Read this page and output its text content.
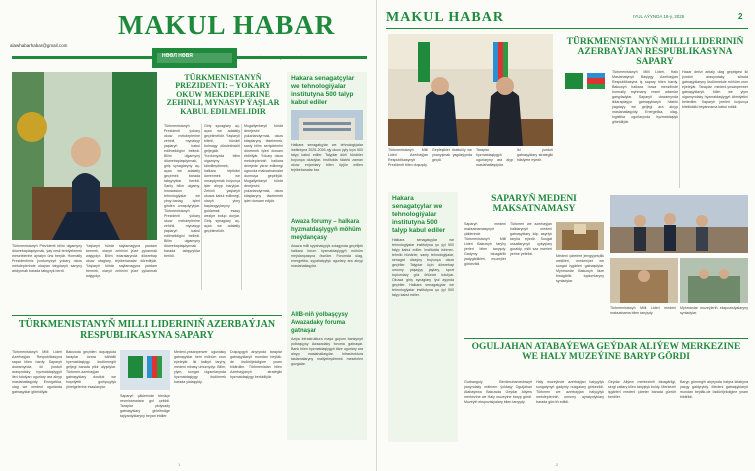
MAKUL HABAR
alawhabarhabar@gmail.com
НӨӨЛ НӨВЯ	IYUL AÝYNDA 18-y, 2025 WEÝB
TÜRKMENISTANYŇ PREZIDENTI: – YOKARY OKUW MEKDEPLERINE ZEHINLI, MYNASYP ÝAŞLAR KABUL EDILMELIDIR
Türkmenistanyň Prezidenti ýokary okuw mekdeplerine zehinli, mynasyp ýaşlaryň kabul edilmelidigini belledi. Bilim ulgamyny döwrebaplaşdyrmak, giriş synaglaryny aç-açan we adalatly geçirmek barada tabşyryklar berildi. Sanly bilim ulgamy, innowasion tehnologiýalar we ylmy-barlag işleri giňden ornaşdyrylýar. Türkmenistanyň Prezidenti ýokary okuw mekdeplerine zehinli, mynasyp ýaşlaryň kabul edilmelidigini belledi. Bilim ulgamyny döwrebaplaşdyrmak barada tabşyryklar berildi.
Giriş synaglary aç-açan we adalatly geçirilmelidir. Ýaşlaryň bilimli, hünärli bolmagy döwletimiziň geljegidir. Ýurdumyzda bilim ulgamyny kämilleşdirmek, halkara tejribäni öwrenmek we ornaşdyrmak boýunça işler alnyp barylýar. Zehinli ýaşlaryň okuwa kabul edilmegi, olaryň ylmy başlangyçlaryny goldamak esasy wezipe bolup durýar. Giriş synaglary aç-açan we adalatly geçirilmelidir.
Mugallymlaryň hünär derejesini ýokarlandyrmak, okuw kitaplaryny täzelemek, sanly bilim serişdelerini döretmek işleri dowam etdirilýär. Ýokary okuw mekdepleriniň halkara derejede ykrar edilmegi ugrunda maksatnamalar durmuşa geçirilýär. Mugallymlaryň hünär derejesini ýokarlandyrmak, okuw kitaplaryny täzelemek işleri dowam edýär.
Türkmenistanyň Prezidenti bilim ulgamyny döwrebaplaşdyrmak, ýaş nesli terbiýelemek meselelerine aýratyn üns berýär. Hormatly Prezidentimiz ýurdumyzyň ýokary okuw mekdeplerinde okaýan talyplaryň sanyny artdyrmak barada tabşyryk berdi.
Ýaşlaryň hünär saýlamagyna ýardam bermek, olaryň zehinini ýüze çykarmak wajypdyr. Bilim edaralarynda döwrebap okuw otaglary, tejribehanalar döredilýär. Ýaşlaryň hünär saýlamagyna ýardam bermek, olaryň zehinini ýüze çykarmak wajypdyr.
Hakara senagatçylar we tehnologiýalar institutyna 500 talyp kabul ediler
Halkara senagatçylar we tehnologiýalar institutyna 2025-2026-njy okuw ýyly üçin 500 talyp kabul ediler. Talyplar dürli hünärler boýunça okadylar. Institutda häzirki zaman okuw enjamlary bilen üpjün edilen tejribehanalar bar.
Awaza forumy – halkara hyzmatdaşlygyň möhüm meýdançasy
Awaza milli syýahatçylyk zolagynda geçiriljek halkara forum hyzmatdaşlygyň möhüm meýdançasyna öwrüler. Forumda ulag, energetika, syýahatçylyk ugurlary ara alnyp maslahatlaşylar.
AIIB-niň ýolbaşçysy Awazadaky foruma gatnaşar
Aziýa infrastruktura maýa goýum bankynyň ýolbaşçysy Awazadaky foruma gatnaşar. Bank bilen hyzmatdaşlygyň täze ugurlary ara alnyp maslahatlaşylar. Infrastruktura taslamalaryny maliýeleşdirmek meseleleri gozgalar.
TÜRKMENISTANYŇ MILLI LIDERINIŇ AZERBAÝJAN RESPUBLIKASYNA SAPARY
Türkmenistanyň Milli Lideri Azerbaýjan Respublikasyna sapar bilen bardy. Saparyň dowamynda iki ýurduň arasyndaky hyzmatdaşlygyň ileri tutulýan ugurlary ara alnyp maslahatlaşyldy. Energetika, ulag we medeni ugurlarda gatnaşyklar giňeldilýär.
Bakuwda geçirilen duşuşykda taraplar özara bähbitli hyzmatdaşlygy ösdürmegiň geljegi barada pikir alyşdylar. Türkmen-azerbaýjan gatnaşyklary dostluk we hoşniýetli goňşuçylyk ýörelgelerine esaslanýar.
Saparyň çäklerinde birnäçe resminamalara gol çekildi. Taraplar ykdysady gatnaşyklary giňeltmäge taýýardyklaryny beýan etdiler.
Medeni-ynsanperwer ugurdaky gatnaşyklar hem möhüm orun eýeleýär. Iki halkyň taryhy, medeni mirasy umumydyr. Bilim, ylym, sungat ulgamlarynda hyzmatdaşlygy ösdürmek barada ylalaşyldy.
Duşuşygyň ahyrynda taraplar gatnaşyklaryň mundan beýläk-de ösdüriljekdigine ynam bildirdiler. Türkmenistan bilen Azerbaýjanyň strategiki hyzmatdaşlygy berkidilýär.
1
MAKUL HABAR	IYUL AÝYNDA 18-y, 2025	2
Türkmenistanyň Milli Lideri Azerbaýjan Respublikasynyň Prezidenti bilen duşuşdy.
Gepleşikler dostlukly we ynanyşmak ýagdaýynda geçdi.
Taraplar hyzmatdaşlygyň ugurlaryny ara alyp maslahatlaşdylar.
Iki ýurduň gatnaşyklary strategiki häsiýete eýedir.
TÜRKMENISTANYŇ MILLI LIDERINIŇ AZERBAÝJAN RESPUBLIKASYNA SAPARY
Türkmenistanyň Milli Lideri, Halk Maslahatynyň Başlygy Azerbaýjan Respublikasyna iş sapary bilen bardy. Bakuwyň halkara howa menzilinde hormatly myhmany resmi adamlar garşyladylar. Saparyň dowamynda ikitaraplaýyn gatnaşyklaryň häzirki ýagdaýy we geljegi ara alnyp maslahatlaşyldy. Energetika, ulag-logistika ugurlarynda hyzmatdaşlyk giňeldilýär.
Hazar deňzi arkaly ulag geçelgesi iki ýurduň arasyndaky söwda gatnaşyklaryny ösdürmekde möhüm orun eýeleýär. Taraplar medeni-ynsanperwer gatnaşyklaryň, bilim we ylym ulgamyndaky hyzmatdaşlygyň ähmiýetini bellediler. Saparyň jemleri boýunça bilelikdäki beýannama kabul edildi.
Hakara senagatçylar we tehnologiýalar institutyna 500 talyp kabul ediler
Halkara senagatçylar we tehnologiýalar institutyna şu ýyl 500 talyp kabul ediler. Institutda inžener-tehniki hünärler, sanly tehnologiýalar, senagat dizaýny boýunça okuw geçiriler. Talyplar üçin döwrebap umumy ýaşaýyş jaýlary, sport toplumlary göz öňünde tutulýar. Okuwa giriş synaglary iýul aýynda geçiriler. Halkara senagatçylar we tehnologiýalar institutyna şu ýyl 500 talyp kabul ediler.
SAPARYŇ MEDENI MAKSATNAMASY
Saparyň medeni maksatnamasynyň çäklerinde Türkmenistanyň Milli Lideri Bakuwyň taryhy ýerleri bilen tanyşdy. Gadymy binagärlik ýadygärlikleri, muzeýler görkezildi.
Türkmen we azerbaýjan halklarynyň medeni gatnaşyklary köp asyrlyk taryha eýedir. Sungat ussatlarynyň çykyşlary guraldy, milli saz eserleri ýerine ýetirildi.	Medeni çärelere jemgyýetçilik wekilleri, medeniýet we sungat işgärleri gatnaşdylar. Myhmanlar Bakuwyň täze binagärlik toplumlaryny synladylar.
Türkmenistanyň Milli Lideri medeni maksatnama bilen tanyşdy.
Myhmanlar muzeýleriň ekspozisiýalaryny synladylar.
OGULJAHAN ATABAÝEWA GEÝDAR ALIÝEW MERKEZINE WE HALY MUZEÝINE BARYP GÖRDI
Gurbanguly Berdimuhamedowyň ýanyndaky mährem ýoldaşy Oguljahan Atabaýewa Bakuwda Geýdar Aliýew merkezine we Haly muzeýine baryp gördi. Muzeýiň ekspozisiýalary bilen tanyşdy.
Haly muzeýinde azerbaýjan halyçylyk sungatynyň gadymy nusgalary görkezildi. Türkmen we azerbaýjan halyçylyk mekdepleriniň umumy aýratynlyklary barada gürrüň edildi.
Geýdar Aliýew merkeziniň binagärligi, sergi zallary bilen tanyşlyk boldy. Merkeziň işgärleri medeni çäreler barada gürrüň berdiler.
Baryp görmegiň ahyrynda hatyra kitabyna ýazgy galdyryldy. Medeni gatnaşyklaryň mundan beýläk-de ösdüriljekdigine ynam bildirildi.
2
